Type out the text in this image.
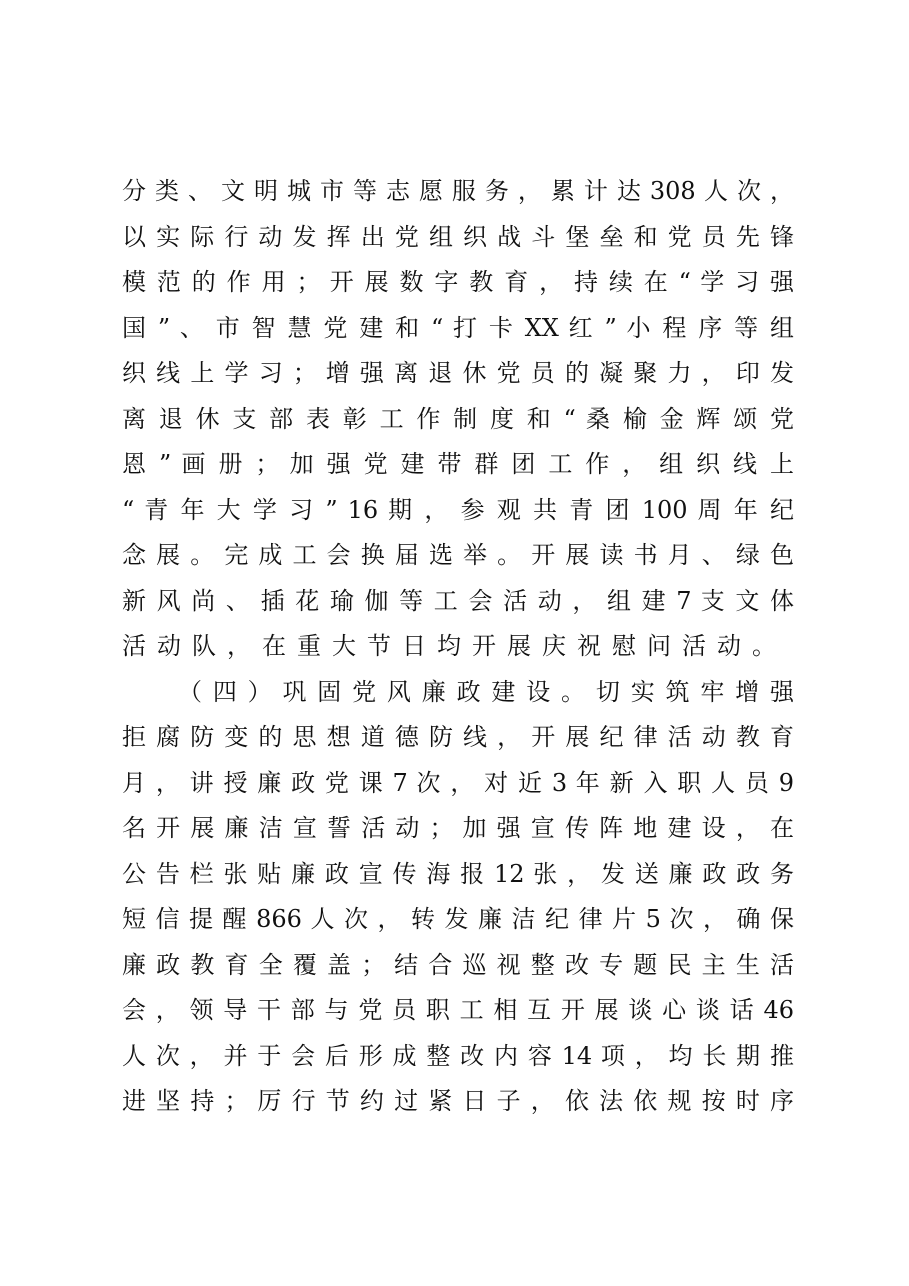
分 类 、 文 明 城 市 等 志 愿 服 务 ， 累 计 达 308 人 次 ，
以 实 际 行 动 发 挥 出 党 组 织 战 斗 堡 垒 和 党 员 先 锋
模 范 的 作 用 ； 开 展 数 字 教 育 ， 持 续 在 “ 学 习 强
国 ” 、 市 智 慧 党 建 和 “ 打 卡 XX 红 ” 小 程 序 等 组
织 线 上 学 习 ； 增 强 离 退 休 党 员 的 凝 聚 力 ， 印 发
离 退 休 支 部 表 彰 工 作 制 度 和 “ 桑 榆 金 辉 颂 党
恩 ” 画 册 ； 加 强 党 建 带 群 团 工 作 ， 组 织 线 上
“ 青 年 大 学 习 ” 16 期 ， 参 观 共 青 团 100 周 年 纪
念 展 。 完 成 工 会 换 届 选 举 。 开 展 读 书 月 、 绿 色
新 风 尚 、 插 花 瑜 伽 等 工 会 活 动 ， 组 建 7 支 文 体
活动队，在重大节日均开展庆祝慰问活动。
（ 四 ） 巩 固 党 风 廉 政 建 设 。 切 实 筑 牢 增 强
拒 腐 防 变 的 思 想 道 德 防 线 ， 开 展 纪 律 活 动 教 育
月 ， 讲 授 廉 政 党 课 7 次 ， 对 近 3 年 新 入 职 人 员 9
名 开 展 廉 洁 宣 誓 活 动 ； 加 强 宣 传 阵 地 建 设 ， 在
公 告 栏 张 贴 廉 政 宣 传 海 报 12 张 ， 发 送 廉 政 政 务
短 信 提 醒 866 人 次 ， 转 发 廉 洁 纪 律 片 5 次 ， 确 保
廉 政 教 育 全 覆 盖 ； 结 合 巡 视 整 改 专 题 民 主 生 活
会 ， 领 导 干 部 与 党 员 职 工 相 互 开 展 谈 心 谈 话 46
人 次 ， 并 于 会 后 形 成 整 改 内 容 14 项 ， 均 长 期 推
进 坚 持 ； 厉 行 节 约 过 紧 日 子 ， 依 法 依 规 按 时 序
